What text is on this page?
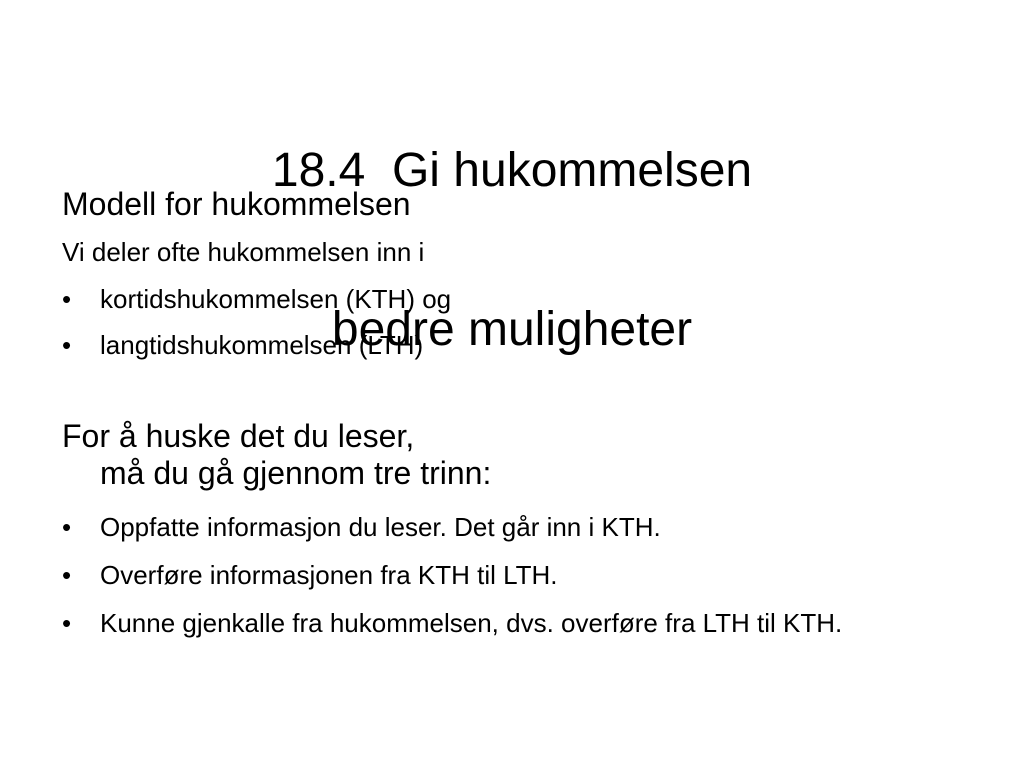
18.4  Gi hukommelsen

bedre muligheter

Modell for hukommelsen
Vi deler ofte hukommelsen inn i
•	kortidshukommelsen (KTH) og
•	langtidshukommelsen (LTH)
For å huske det du leser,
må du gå gjennom tre trinn:
•	Oppfatte informasjon du leser. Det går inn i KTH.
•	Overføre informasjonen fra KTH til LTH.
•	Kunne gjenkalle fra hukommelsen, dvs. overføre fra LTH til KTH.
